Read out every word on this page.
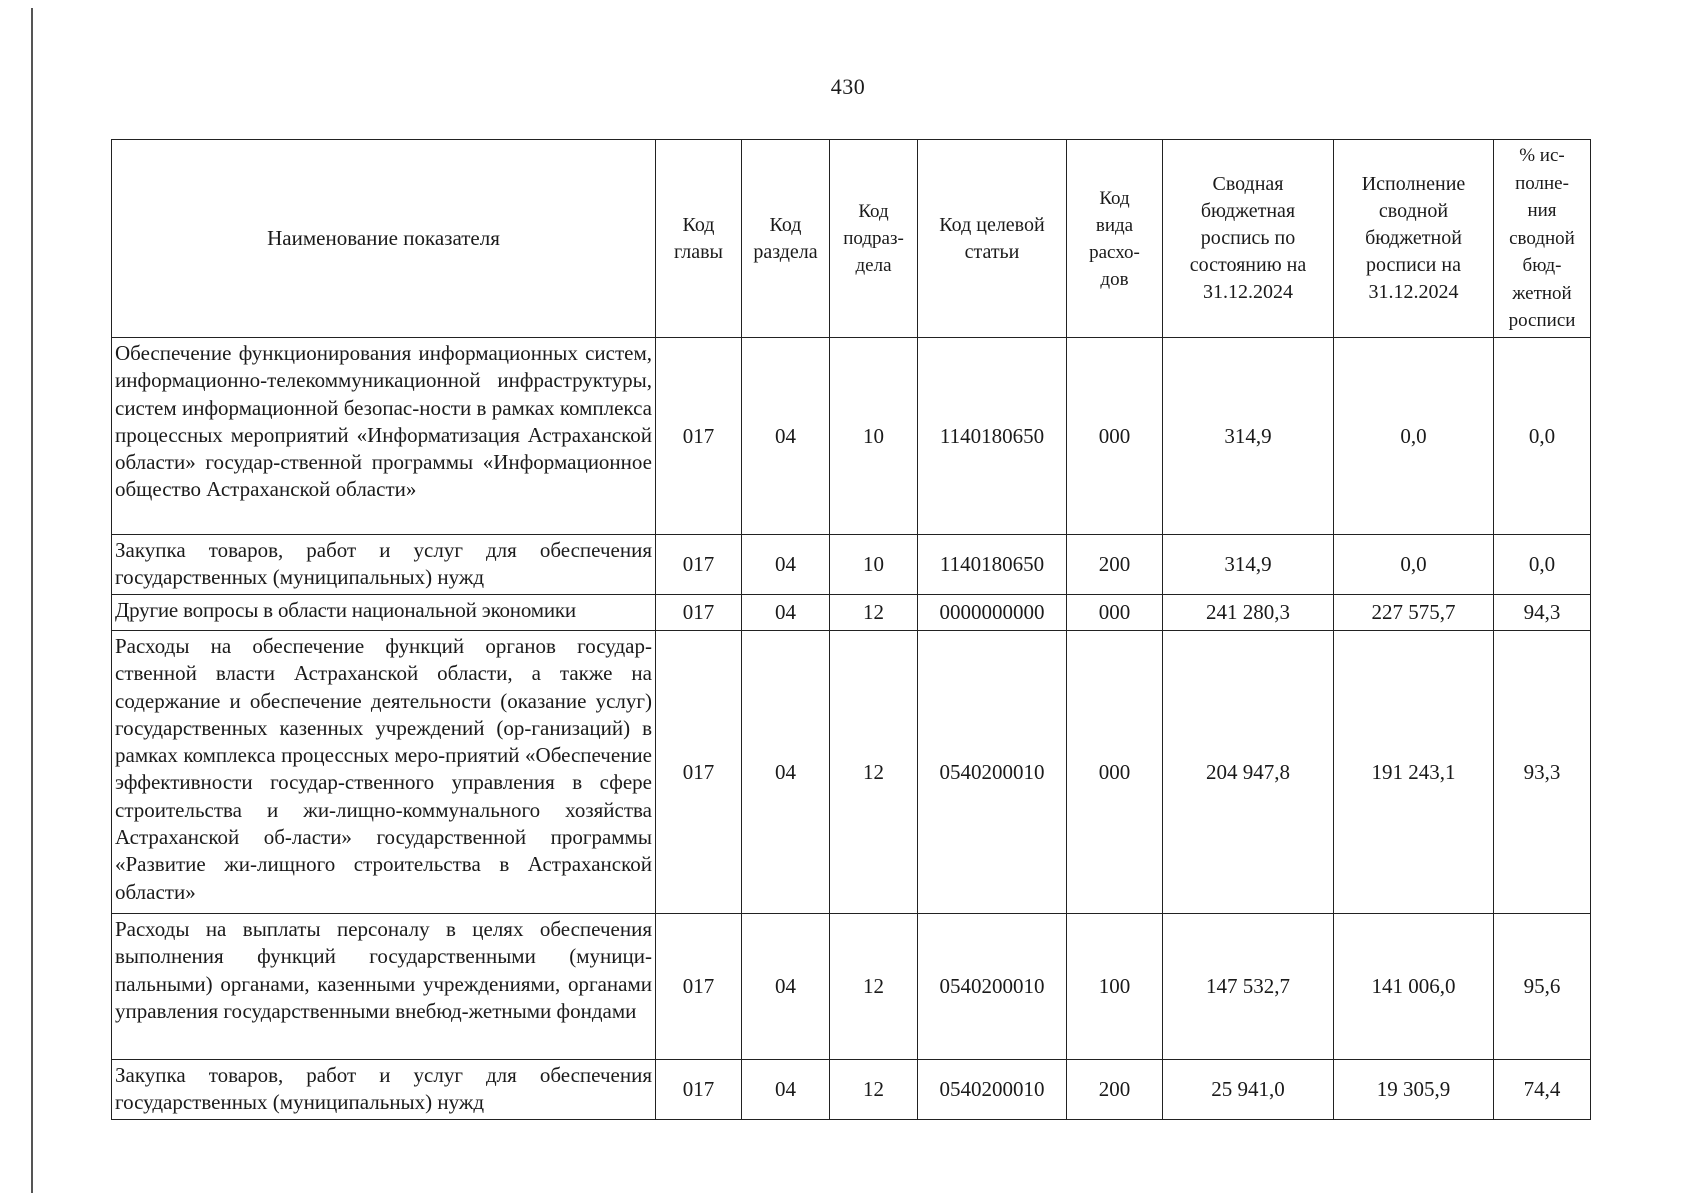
430
Наименование показателя	Код главы	Код раздела	Код подраз-дела	Код целевой статьи	Код вида расхо-дов	Сводная бюджетная роспись по состоянию на 31.12.2024	Исполнение сводной бюджетной росписи на 31.12.2024	% ис-полне-ния сводной бюд-жетной росписи
Обеспечение функционирования информационных систем, информационно-телекоммуникационной инфраструктуры, систем информационной безопас-ности в рамках комплекса процессных мероприятий «Информатизация Астраханской области» государ-ственной программы «Информационное общество Астраханской области»	017	04	10	1140180650	000	314,9	0,0	0,0
Закупка товаров, работ и услуг для обеспечения государственных (муниципальных) нужд	017	04	10	1140180650	200	314,9	0,0	0,0
Другие вопросы в области национальной экономики	017	04	12	0000000000	000	241 280,3	227 575,7	94,3
Расходы на обеспечение функций органов государ-ственной власти Астраханской области, а также на содержание и обеспечение деятельности (оказание услуг) государственных казенных учреждений (ор-ганизаций) в рамках комплекса процессных меро-приятий «Обеспечение эффективности государ-ственного управления в сфере строительства и жи-лищно-коммунального хозяйства Астраханской об-ласти» государственной программы «Развитие жи-лищного строительства в Астраханской области»	017	04	12	0540200010	000	204 947,8	191 243,1	93,3
Расходы на выплаты персоналу в целях обеспечения выполнения функций государственными (муници-пальными) органами, казенными учреждениями, органами управления государственными внебюд-жетными фондами	017	04	12	0540200010	100	147 532,7	141 006,0	95,6
Закупка товаров, работ и услуг для обеспечения государственных (муниципальных) нужд	017	04	12	0540200010	200	25 941,0	19 305,9	74,4
